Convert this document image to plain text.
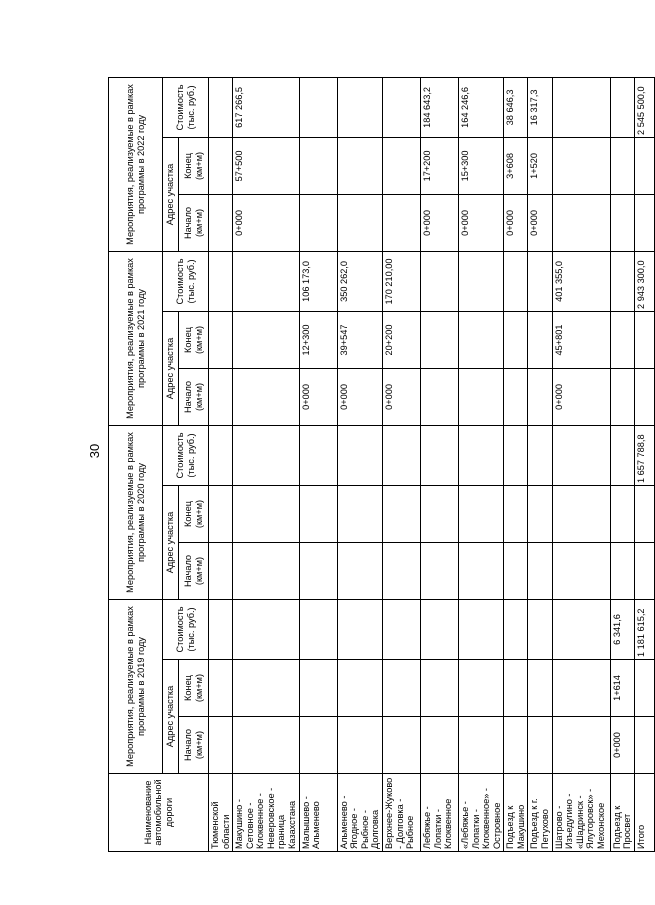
30
Наименование автомобильной дороги	Мероприятия, реализуемые в рамках программы в 2019 году			Мероприятия, реализуемые в рамках программы в 2020 году			Мероприятия, реализуемые в рамках программы в 2021 году			Мероприятия, реализуемые в рамках программы в 2022 году		
	Адрес участка		Стоимость (тыс. руб.)	Адрес участка		Стоимость (тыс. руб.)	Адрес участка		Стоимость (тыс. руб.)	Адрес участка		Стоимость (тыс. руб.)
	Начало (км+м)	Конец (км+м)		Начало (км+м)	Конец (км+м)		Начало (км+м)	Конец (км+м)		Начало (км+м)	Конец (км+м)	
Тюменской области												
Макушино - Сетовное - Клоквенное - Неверовское - граница Казахстана										0+000	57+500	617 266,5
Малышево - Альменево							0+000	12+300	106 173,0			
Альменево - Ягодное - Рыбное - Долговка							0+000	39+547	350 262,0			
Верхнее-Жуково - Долговка - Рыбное							0+000	20+200	170 210,00			
Лебяжье - Лопатки - Клоквенное										0+000	17+200	184 643,2
«Лебяжье - Лопатки - Клоквенное» - Островное										0+000	15+300	164 246,6
Подъезд к Макушино										0+000	3+608	38 646,3
Подъезд к г. Петухово										0+000	1+520	16 317,3
Шатрово - Изъедугино - «Шадринск - Ялуторовск» - Мехонское							0+000	45+801	401 355,0			
Подъезд к Просвет	0+000	1+614	6 341,6									
Итого			1 181 615,2			1 657 788,8			2 943 300,0			2 545 500,0
